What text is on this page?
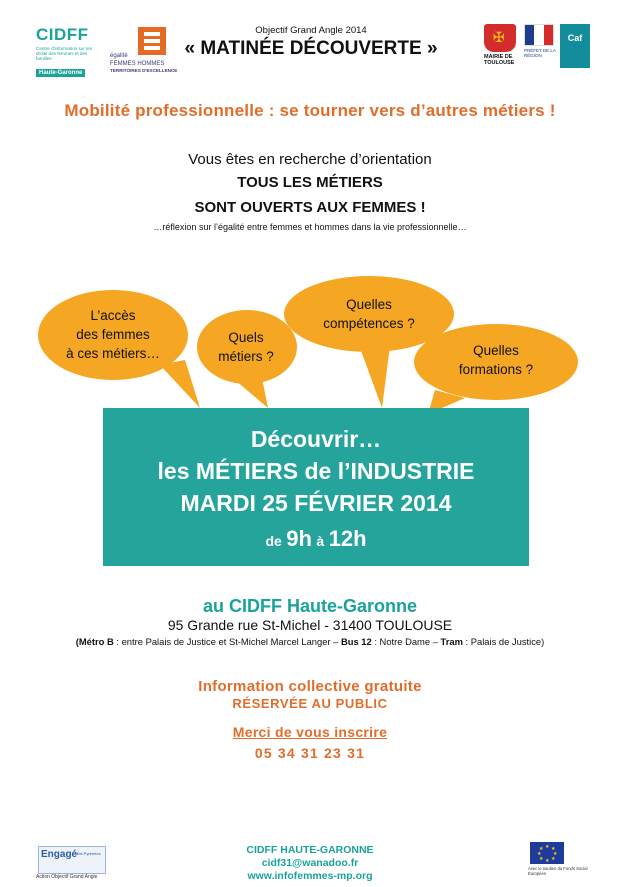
CIDFF
Centre d'information sur les droits des femmes et des familles
Haute-Garonne
égalité
FEMMES HOMMES
TERRITOIRES D'EXCELLENCE
Objectif Grand Angle 2014
« MATINÉE DÉCOUVERTE »
✠
MAIRIE DE TOULOUSE
PRÉFET DE LA RÉGION

Caf
Mobilité professionnelle : se tourner vers d’autres métiers !
Vous êtes en recherche d’orientation
TOUS LES MÉTIERS
SONT OUVERTS AUX FEMMES !
…réflexion sur l’égalité entre femmes et hommes dans la vie professionnelle…
L’accès
des femmes
à ces métiers…
Quels
métiers ?
Quelles
compétences ?
Quelles
formations ?
Découvrir…
les MÉTIERS de l’INDUSTRIE
MARDI 25 FÉVRIER 2014
de 9h à 12h
au CIDFF Haute-Garonne
95 Grande rue St-Michel - 31400 TOULOUSE
(Métro B : entre Palais de Justice et St-Michel Marcel Langer – Bus 12 : Notre Dame – Tram : Palais de Justice)
Information collective gratuite
RÉSERVÉE AU PUBLIC
Merci de vous inscrire
05 34 31 23 31
Engagé
Midi-Pyrénées
Action Objectif Grand Angle
CIDFF HAUTE-GARONNE
cidf31@wanadoo.fr
www.infofemmes-mp.org
★ ★
★
★
★
★
★
★
Avec le soutien du Fonds Social Européen
